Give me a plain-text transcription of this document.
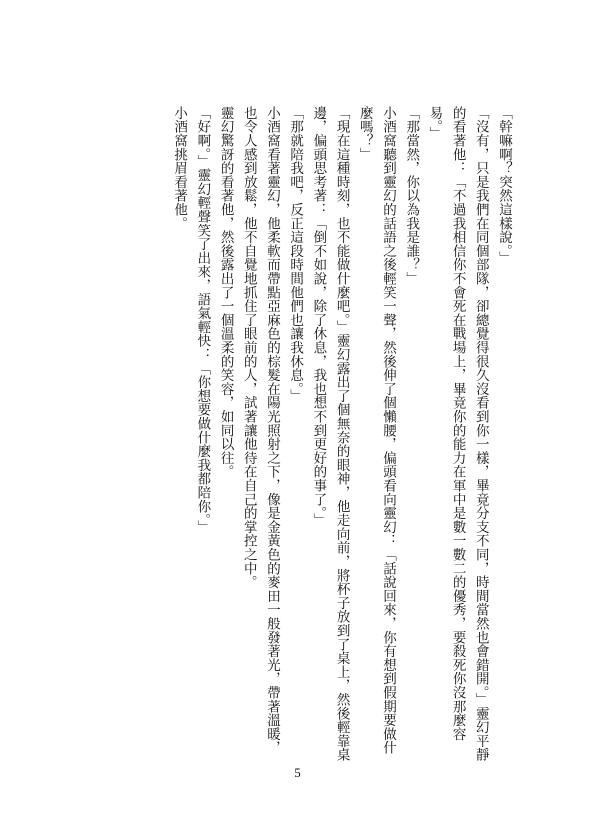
「幹嘛啊？突然這樣說。」

「沒有，只是我們在同個部隊，卻總覺得很久沒看到你一樣，畢竟分支不同，時間當然也會錯開。」靈幻平靜的看著他：「不過我相信你不會死在戰場上，畢竟你的能力在軍中是數一數二的優秀，要殺死你沒那麼容易。」

「那當然，你以為我是誰？」

小酒窩聽到靈幻的話語之後輕笑一聲，然後伸了個懶腰，偏頭看向靈幻：「話說回來，你有想到假期要做什麼嗎？」

「現在這種時刻，也不能做什麼吧。」靈幻露出了個無奈的眼神，他走向前，將杯子放到了桌上，然後輕靠桌邊，偏頭思考著：「倒不如說，除了休息，我也想不到更好的事了。」

「那就陪我吧，反正這段時間他們也讓我休息。」

小酒窩看著靈幻，他柔軟而帶點亞麻色的棕髮在陽光照射之下，像是金黃色的麥田一般發著光，帶著溫暖，也令人感到放鬆，他不自覺地抓住了眼前的人，試著讓他待在自己的掌控之中。

靈幻驚訝的看著他，然後露出了一個溫柔的笑容，如同以往。

「好啊。」靈幻輕聲笑了出來，語氣輕快：「你想要做什麼我都陪你。」

小酒窩挑眉看著他。

5
